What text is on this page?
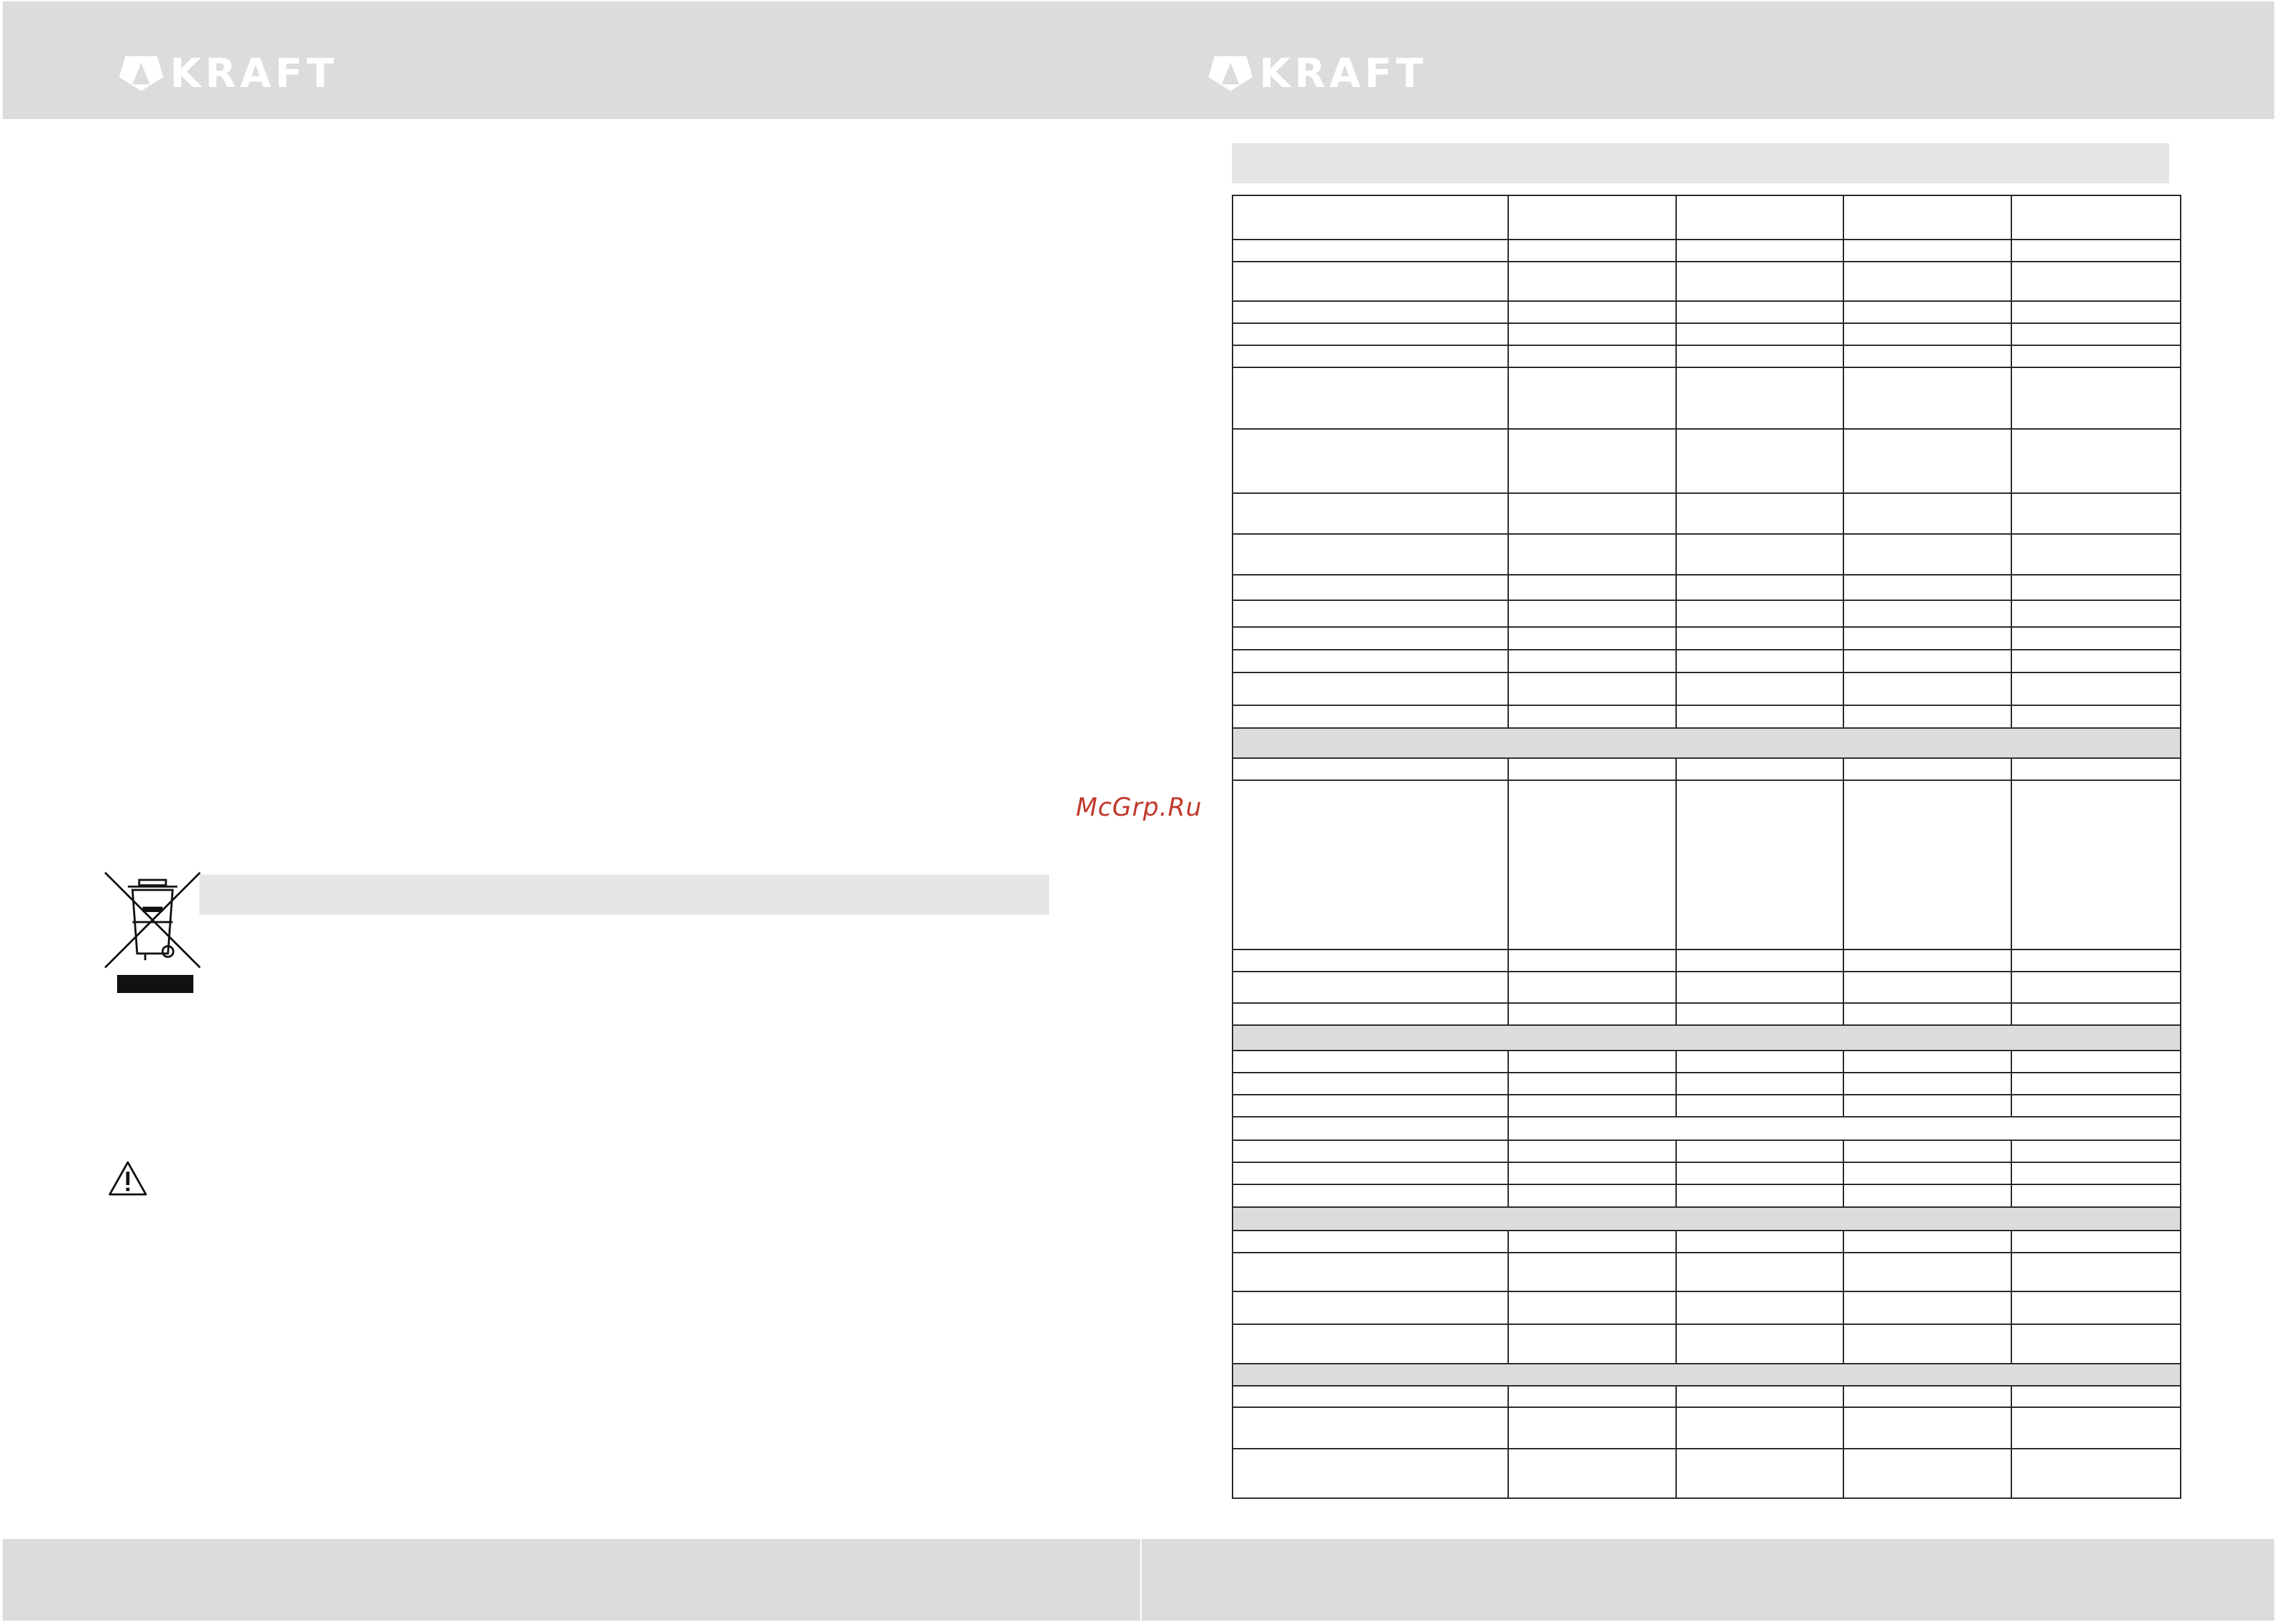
KRAFT	KRAFT

McGrp.Ru
